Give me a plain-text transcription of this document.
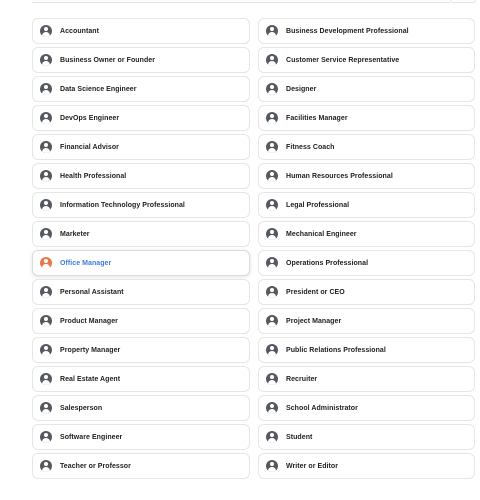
Accountant	Business Development Professional
Business Owner or Founder	Customer Service Representative
Data Science Engineer	Designer
DevOps Engineer	Facilities Manager
Financial Advisor	Fitness Coach
Health Professional	Human Resources Professional
Information Technology Professional	Legal Professional
Marketer	Mechanical Engineer
Office Manager	Operations Professional
Personal Assistant	President or CEO
Product Manager	Project Manager
Property Manager	Public Relations Professional
Real Estate Agent	Recruiter
Salesperson	School Administrator
Software Engineer	Student
Teacher or Professor	Writer or Editor
